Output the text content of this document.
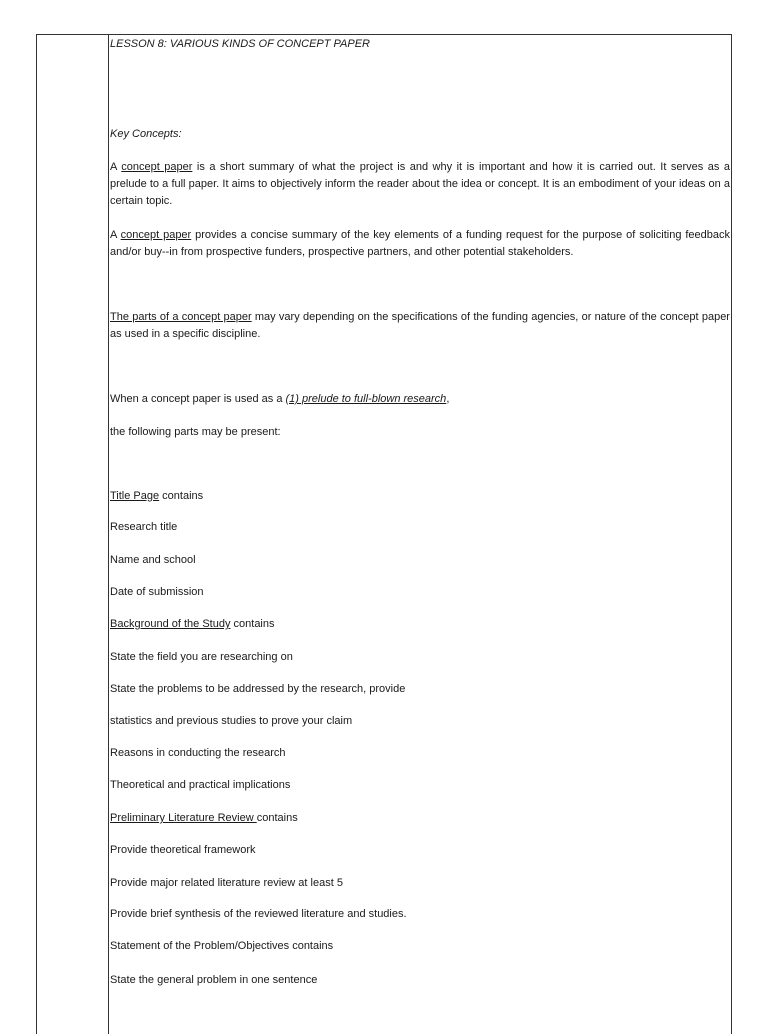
LESSON 8: VARIOUS KINDS OF CONCEPT PAPER
Key Concepts:
A concept paper is a short summary of what the project is and why it is important and how it is carried out. It serves as a prelude to a full paper. It aims to objectively inform the reader about the idea or concept. It is an embodiment of your ideas on a certain topic.
A concept paper provides a concise summary of the key elements of a funding request for the purpose of soliciting feedback and/or buy--in from prospective funders, prospective partners, and other potential stakeholders.
The parts of a concept paper may vary depending on the specifications of the funding agencies, or nature of the concept paper as used in a specific discipline.
When a concept paper is used as a (1) prelude to full-blown research,
the following parts may be present:
Title Page contains
Research title
Name and school
Date of submission
Background of the Study contains
State the field you are researching on
State the problems to be addressed by the research, provide
statistics and previous studies to prove your claim
Reasons in conducting the research
Theoretical and practical implications
Preliminary Literature Review contains
Provide theoretical framework
Provide major related literature review at least 5
Provide brief synthesis of the reviewed literature and studies.
Statement of the Problem/Objectives contains
State the general problem in one sentence
